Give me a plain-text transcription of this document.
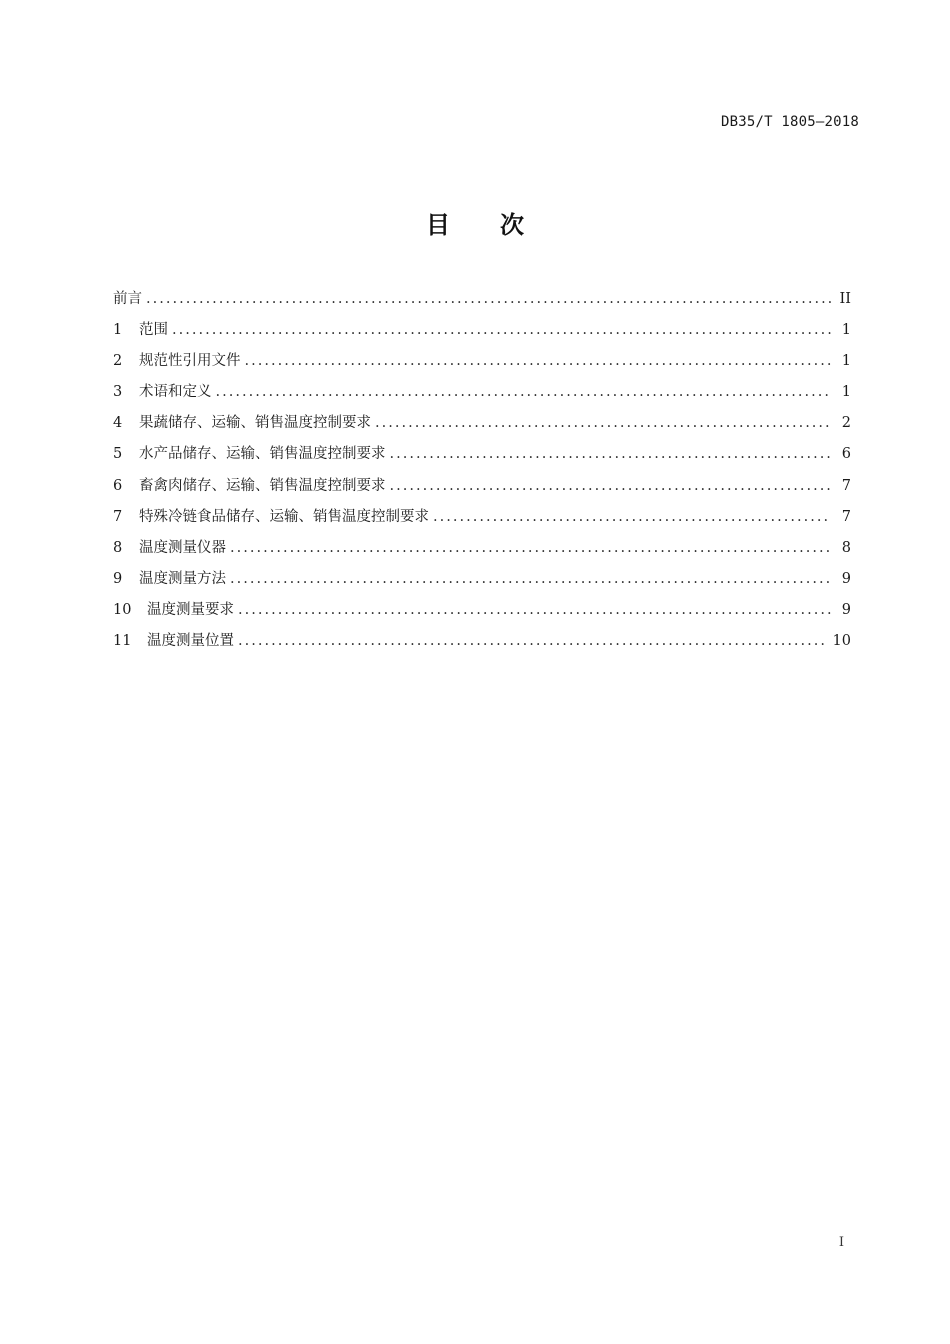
DB35/T 1805—2018
目次
前言 . . .	II
1	范围 . . .	1
2	规范性引用文件 . . .	1
3	术语和定义 . . .	1
4	果蔬储存、运输、销售温度控制要求 . . .	2
5	水产品储存、运输、销售温度控制要求 . . .	6
6	畜禽肉储存、运输、销售温度控制要求 . . .	7
7	特殊冷链食品储存、运输、销售温度控制要求 . . .	7
8	温度测量仪器 . . .	8
9	温度测量方法 . . .	9
10	温度测量要求 . . .	9
11	温度测量位置 . . .	10
I
